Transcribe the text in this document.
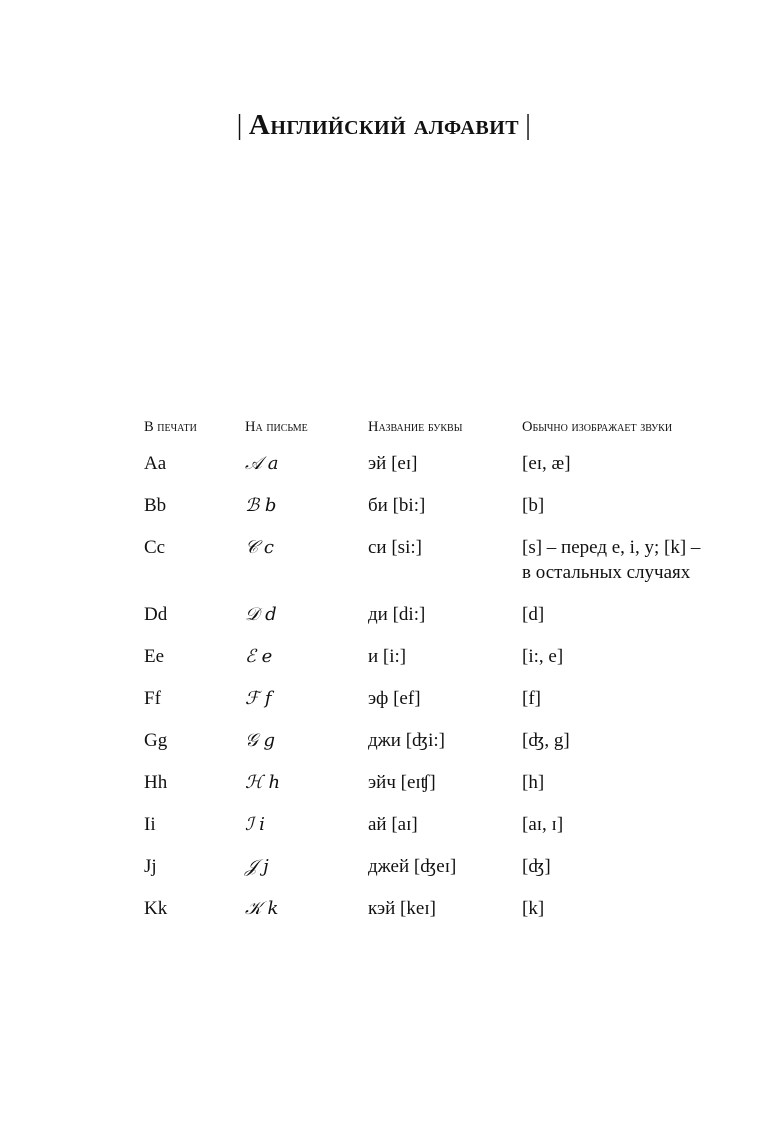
| Английский алфавит |
В печати	На письме	Название буквы	Обычно изображает звуки
Aa	𝒜 a	эй [eɪ]	[eɪ, æ]
Bb	ℬ b	би [bi:]	[b]
Cc	𝒞 c	си [si:]	[s] – перед e, i, y; [k] – в остальных случаях
Dd	𝒟 d	ди [di:]	[d]
Ee	ℰ e	и [i:]	[i:, e]
Ff	ℱ f	эф [ef]	[f]
Gg	𝒢 g	джи [ʤi:]	[ʤ, g]
Hh	ℋ h	эйч [eɪʧ]	[h]
Ii	ℐ i	ай [aɪ]	[aɪ, ɪ]
Jj	𝒥 j	джей [ʤeɪ]	[ʤ]
Kk	𝒦 k	кэй [keɪ]	[k]
